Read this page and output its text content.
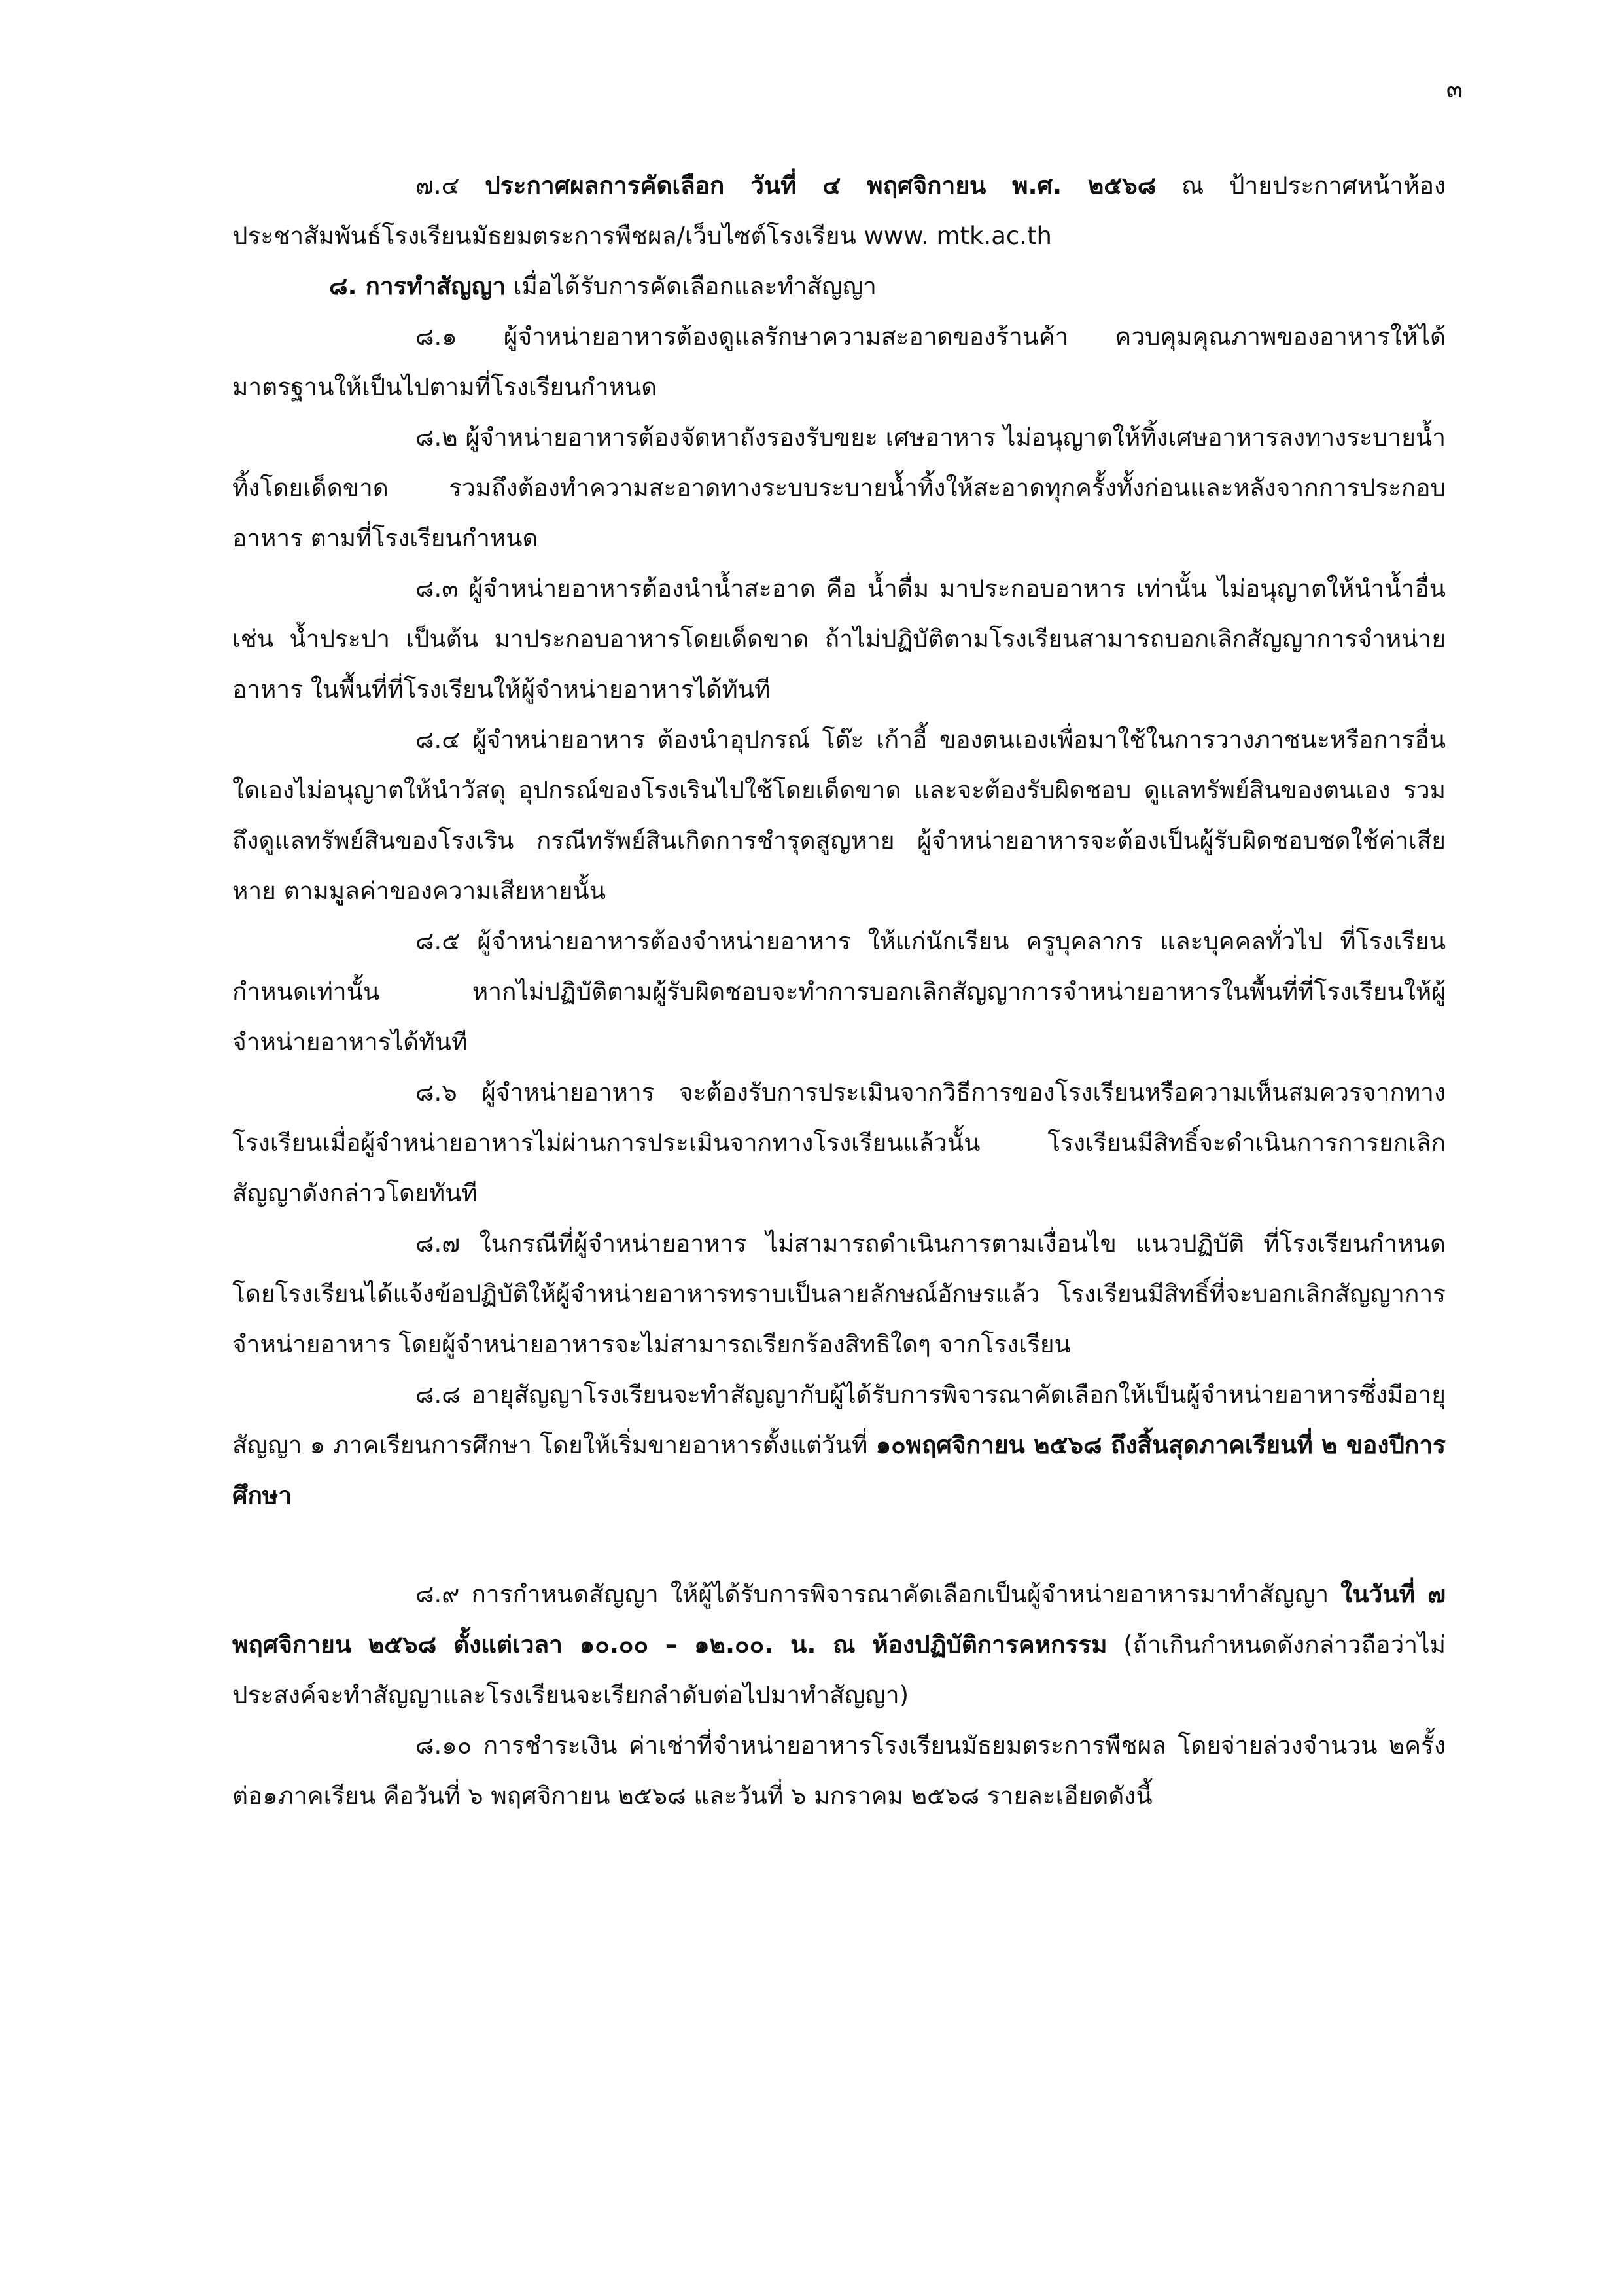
๓

๗.๔ ประกาศผลการคัดเลือก วันที่ ๔ พฤศจิกายน พ.ศ. ๒๕๖๘ ณ ป้ายประกาศหน้าห้องประชาสัมพันธ์โรงเรียนมัธยมตระการพืชผล/เว็บไซต์โรงเรียน www. mtk.ac.th

๘. การทำสัญญา เมื่อได้รับการคัดเลือกและทำสัญญา

๘.๑ ผู้จำหน่ายอาหารต้องดูแลรักษาความสะอาดของร้านค้า ควบคุมคุณภาพของอาหารให้ได้มาตรฐานให้เป็นไปตามที่โรงเรียนกำหนด

๘.๒ ผู้จำหน่ายอาหารต้องจัดหาถังรองรับขยะ เศษอาหาร ไม่อนุญาตให้ทิ้งเศษอาหารลงทางระบายน้ำทิ้งโดยเด็ดขาด รวมถึงต้องทำความสะอาดทางระบบระบายน้ำทิ้งให้สะอาดทุกครั้งทั้งก่อนและหลังจากการประกอบอาหาร ตามที่โรงเรียนกำหนด

๘.๓ ผู้จำหน่ายอาหารต้องนำน้ำสะอาด คือ น้ำดื่ม มาประกอบอาหาร เท่านั้น ไม่อนุญาตให้นำน้ำอื่นเช่น น้ำประปา เป็นต้น มาประกอบอาหารโดยเด็ดขาด ถ้าไม่ปฏิบัติตามโรงเรียนสามารถบอกเลิกสัญญาการจำหน่ายอาหาร ในพื้นที่ที่โรงเรียนให้ผู้จำหน่ายอาหารได้ทันที

๘.๔ ผู้จำหน่ายอาหาร ต้องนำอุปกรณ์ โต๊ะ เก้าอี้ ของตนเองเพื่อมาใช้ในการวางภาชนะหรือการอื่นใดเองไม่อนุญาตให้นำวัสดุ อุปกรณ์ของโรงเรินไปใช้โดยเด็ดขาด และจะต้องรับผิดชอบ ดูแลทรัพย์สินของตนเอง รวมถึงดูแลทรัพย์สินของโรงเริน กรณีทรัพย์สินเกิดการชำรุดสูญหาย ผู้จำหน่ายอาหารจะต้องเป็นผู้รับผิดชอบชดใช้ค่าเสียหาย ตามมูลค่าของความเสียหายนั้น

๘.๕ ผู้จำหน่ายอาหารต้องจำหน่ายอาหาร ให้แก่นักเรียน ครูบุคลากร และบุคคลทั่วไป ที่โรงเรียนกำหนดเท่านั้น หากไม่ปฏิบัติตามผู้รับผิดชอบจะทำการบอกเลิกสัญญาการจำหน่ายอาหารในพื้นที่ที่โรงเรียนให้ผู้จำหน่ายอาหารได้ทันที

๘.๖ ผู้จำหน่ายอาหาร จะต้องรับการประเมินจากวิธีการของโรงเรียนหรือความเห็นสมควรจากทางโรงเรียนเมื่อผู้จำหน่ายอาหารไม่ผ่านการประเมินจากทางโรงเรียนแล้วนั้น โรงเรียนมีสิทธิ์จะดำเนินการการยกเลิกสัญญาดังกล่าวโดยทันที

๘.๗ ในกรณีที่ผู้จำหน่ายอาหาร ไม่สามารถดำเนินการตามเงื่อนไข แนวปฏิบัติ ที่โรงเรียนกำหนด โดยโรงเรียนได้แจ้งข้อปฏิบัติให้ผู้จำหน่ายอาหารทราบเป็นลายลักษณ์อักษรแล้ว โรงเรียนมีสิทธิ์ที่จะบอกเลิกสัญญาการจำหน่ายอาหาร โดยผู้จำหน่ายอาหารจะไม่สามารถเรียกร้องสิทธิใดๆ จากโรงเรียน

๘.๘ อายุสัญญาโรงเรียนจะทำสัญญากับผู้ได้รับการพิจารณาคัดเลือกให้เป็นผู้จำหน่ายอาหารซึ่งมีอายุสัญญา ๑ ภาคเรียนการศึกษา โดยให้เริ่มขายอาหารตั้งแต่วันที่ ๑๐พฤศจิกายน ๒๕๖๘ ถึงสิ้นสุดภาคเรียนที่ ๒ ของปีการศึกษา

๘.๙ การกำหนดสัญญา ให้ผู้ได้รับการพิจารณาคัดเลือกเป็นผู้จำหน่ายอาหารมาทำสัญญา ในวันที่ ๗ พฤศจิกายน ๒๕๖๘ ตั้งแต่เวลา ๑๐.๐๐ – ๑๒.๐๐. น. ณ ห้องปฏิบัติการคหกรรม (ถ้าเกินกำหนดดังกล่าวถือว่าไม่ประสงค์จะทำสัญญาและโรงเรียนจะเรียกลำดับต่อไปมาทำสัญญา)

๘.๑๐ การชำระเงิน ค่าเช่าที่จำหน่ายอาหารโรงเรียนมัธยมตระการพืชผล โดยจ่ายล่วงจำนวน ๒ครั้งต่อ๑ภาคเรียน คือวันที่ ๖ พฤศจิกายน ๒๕๖๘ และวันที่ ๖ มกราคม ๒๕๖๘ รายละเอียดดังนี้
